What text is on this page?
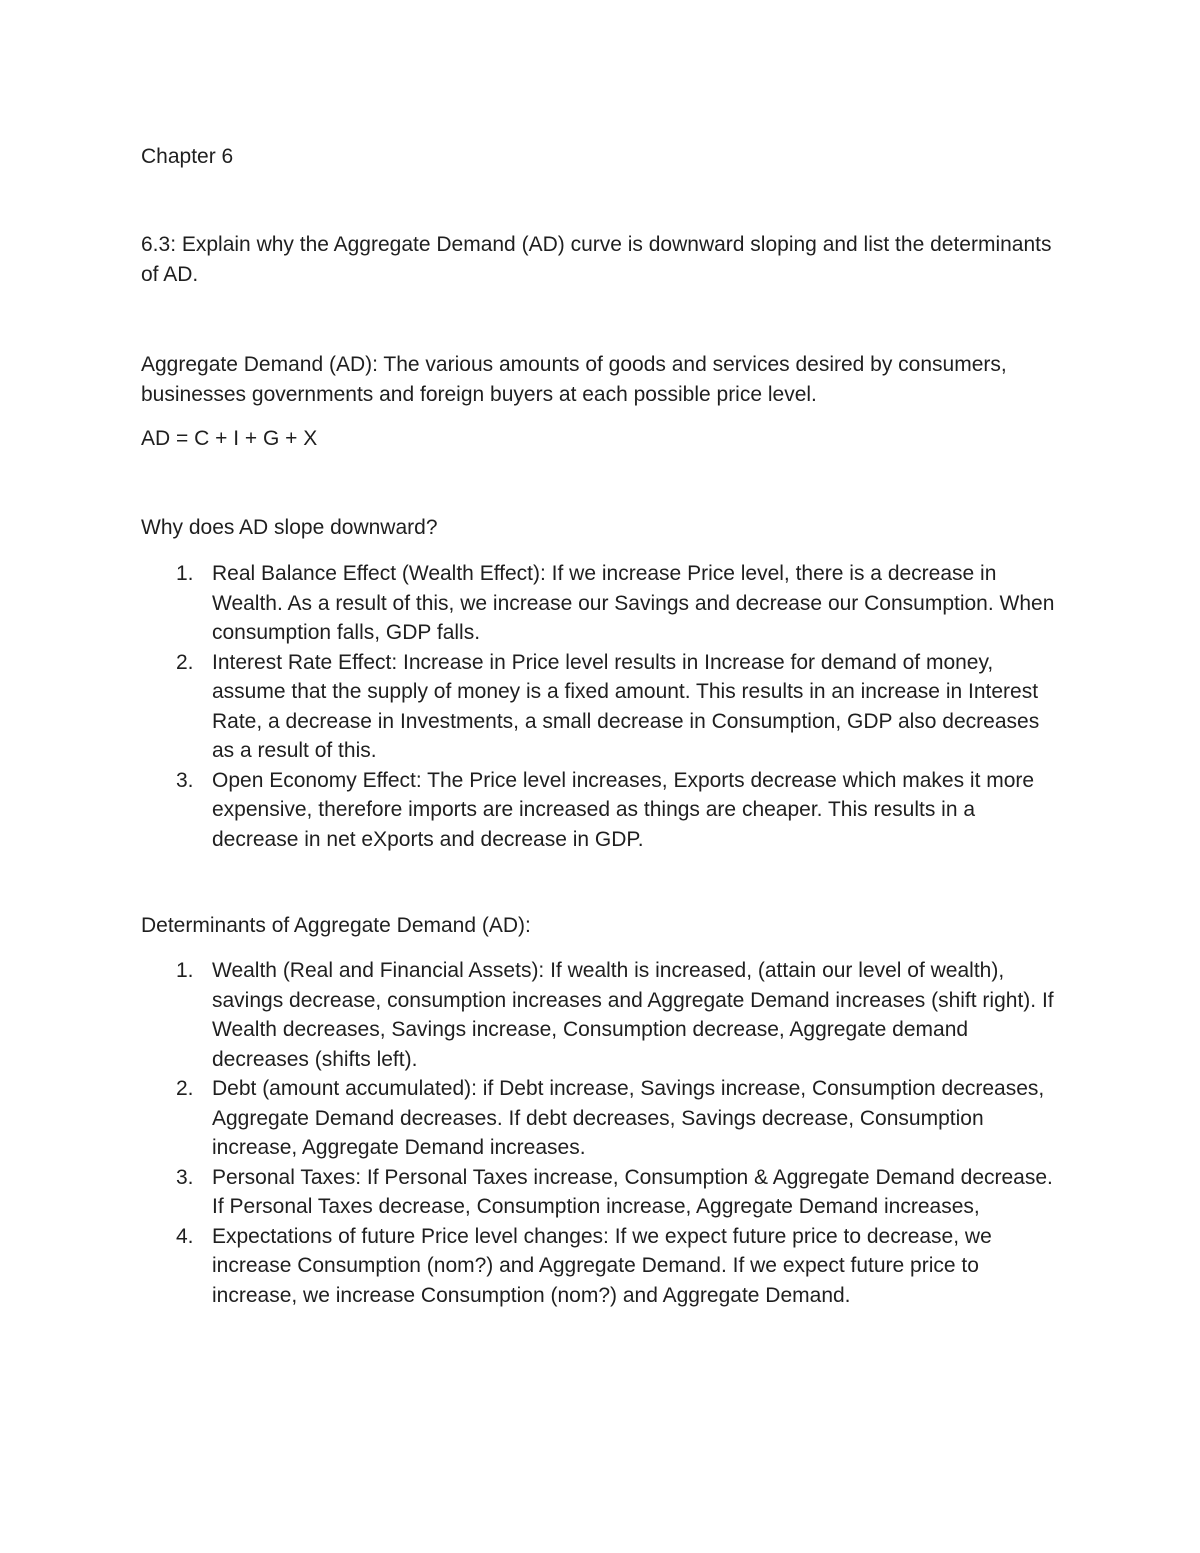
Chapter 6

6.3: Explain why the Aggregate Demand (AD) curve is downward sloping and list the determinants of AD.

Aggregate Demand (AD): The various amounts of goods and services desired by consumers, businesses governments and foreign buyers at each possible price level.

AD = C + I + G + X

Why does AD slope downward?

1. Real Balance Effect (Wealth Effect): If we increase Price level, there is a decrease in Wealth. As a result of this, we increase our Savings and decrease our Consumption. When consumption falls, GDP falls.
2. Interest Rate Effect: Increase in Price level results in Increase for demand of money, assume that the supply of money is a fixed amount. This results in an increase in Interest Rate, a decrease in Investments, a small decrease in Consumption, GDP also decreases as a result of this.
3. Open Economy Effect: The Price level increases, Exports decrease which makes it more expensive, therefore imports are increased as things are cheaper. This results in a decrease in net eXports and decrease in GDP.

Determinants of Aggregate Demand (AD):

1. Wealth (Real and Financial Assets): If wealth is increased, (attain our level of wealth), savings decrease, consumption increases and Aggregate Demand increases (shift right). If Wealth decreases, Savings increase, Consumption decrease, Aggregate demand decreases (shifts left).
2. Debt (amount accumulated): if Debt increase, Savings increase, Consumption decreases, Aggregate Demand decreases. If debt decreases, Savings decrease, Consumption increase, Aggregate Demand increases.
3. Personal Taxes: If Personal Taxes increase, Consumption & Aggregate Demand decrease. If Personal Taxes decrease, Consumption increase, Aggregate Demand increases,
4. Expectations of future Price level changes: If we expect future price to decrease, we increase Consumption (nom?) and Aggregate Demand. If we expect future price to increase, we increase Consumption (nom?) and Aggregate Demand.
